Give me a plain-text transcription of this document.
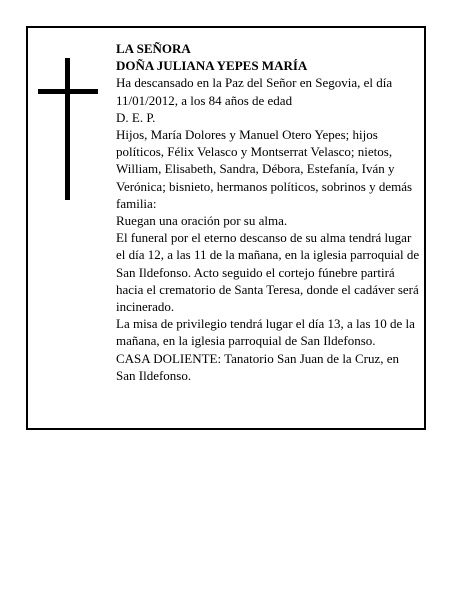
LA SEÑORA

DOÑA JULIANA YEPES MARÍA

Ha descansado en la Paz del Señor en Segovia, el día 11/01/2012, a los 84 años de edad

D. E. P.

Hijos, María Dolores y Manuel Otero Yepes; hijos políticos, Félix Velasco y Montserrat Velasco; nietos, William, Elisabeth, Sandra, Débora, Estefanía, Iván y Verónica; bisnieto, hermanos políticos, sobrinos y demás familia:

Ruegan una oración por su alma.

El funeral por el eterno descanso de su alma tendrá lugar el día 12, a las 11 de la mañana, en la iglesia parroquial de San Ildefonso. Acto seguido el cortejo fúnebre partirá hacia el crematorio de Santa Teresa, donde el cadáver será incinerado.

La misa de privilegio tendrá lugar el día 13, a las 10 de la mañana, en la iglesia parroquial de San Ildefonso.

CASA DOLIENTE: Tanatorio San Juan de la Cruz, en San Ildefonso.
